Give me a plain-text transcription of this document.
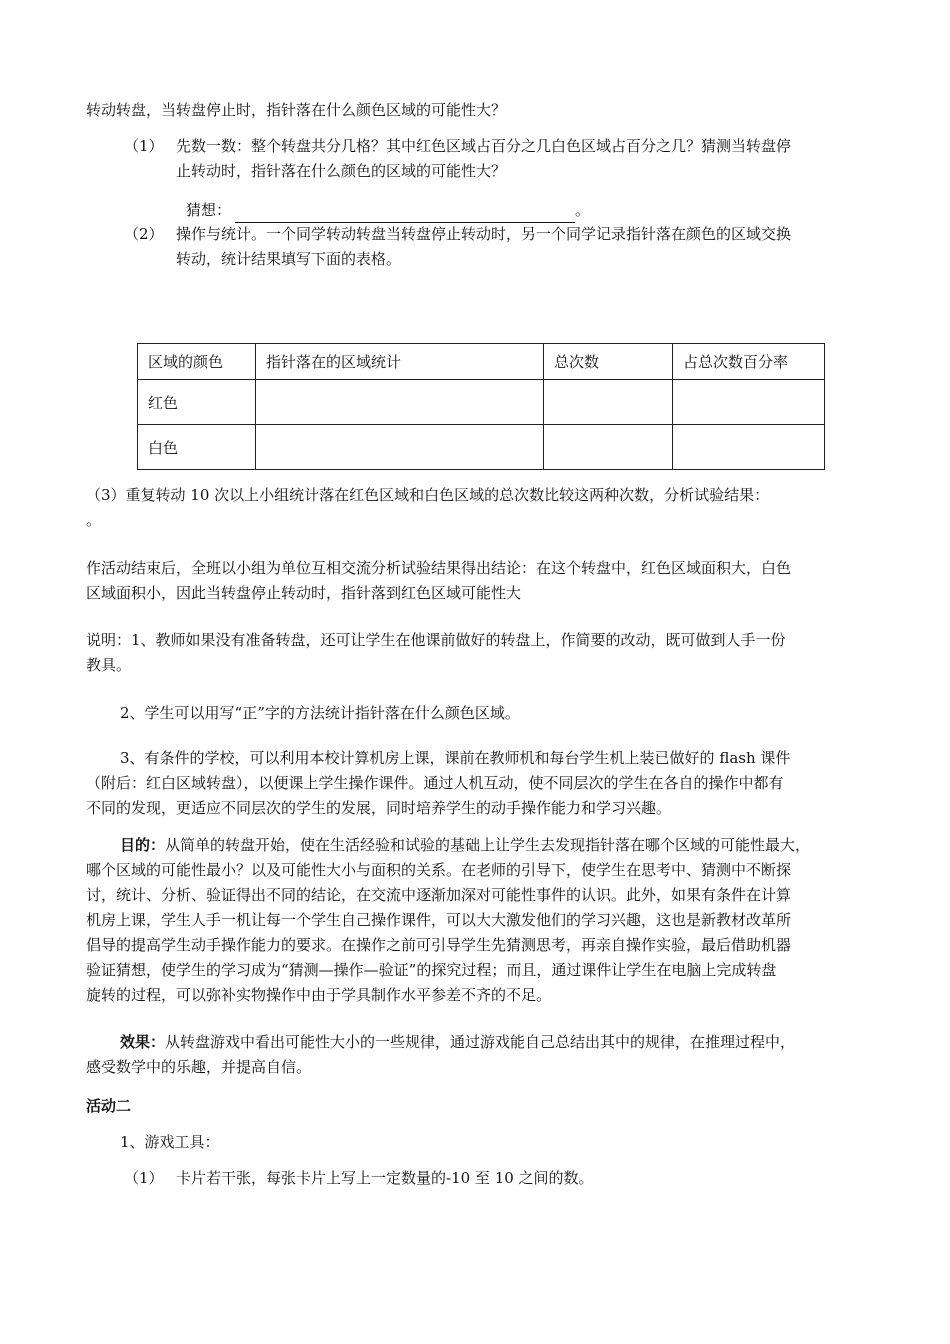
转动转盘，当转盘停止时，指针落在什么颜色区域的可能性大？
（1） 先数一数：整个转盘共分几格？其中红色区域占百分之几白色区域占百分之几？猜测当转盘停
止转动时，指针落在什么颜色的区域的可能性大？
猜想：	。
（2） 操作与统计。一个同学转动转盘当转盘停止转动时，另一个同学记录指针落在颜色的区域交换
转动，统计结果填写下面的表格。
区域的颜色	指针落在的区域统计	总次数	占总次数百分率
红色			
白色			
（3）重复转动 10 次以上小组统计落在红色区域和白色区域的总次数比较这两种次数，分析试验结果：
。
作活动结束后，全班以小组为单位互相交流分析试验结果得出结论：在这个转盘中，红色区域面积大，白色
区域面积小，因此当转盘停止转动时，指针落到红色区域可能性大
说明：1、教师如果没有准备转盘，还可让学生在他课前做好的转盘上，作简要的改动，既可做到人手一份
教具。
2、学生可以用写“正”字的方法统计指针落在什么颜色区域。
3、有条件的学校，可以利用本校计算机房上课，课前在教师机和每台学生机上装已做好的 flash 课件
（附后：红白区域转盘），以便课上学生操作课件。通过人机互动，使不同层次的学生在各自的操作中都有
不同的发现，更适应不同层次的学生的发展，同时培养学生的动手操作能力和学习兴趣。
目的：从简单的转盘开始，使在生活经验和试验的基础上让学生去发现指针落在哪个区域的可能性最大，
哪个区域的可能性最小？以及可能性大小与面积的关系。在老师的引导下，使学生在思考中、猜测中不断探
讨，统计、分析、验证得出不同的结论，在交流中逐渐加深对可能性事件的认识。此外，如果有条件在计算
机房上课，学生人手一机让每一个学生自己操作课件，可以大大激发他们的学习兴趣，这也是新教材改革所
倡导的提高学生动手操作能力的要求。在操作之前可引导学生先猜测思考，再亲自操作实验，最后借助机器
验证猜想，使学生的学习成为“猜测—操作—验证”的探究过程；而且，通过课件让学生在电脑上完成转盘
旋转的过程，可以弥补实物操作中由于学具制作水平参差不齐的不足。
效果：从转盘游戏中看出可能性大小的一些规律，通过游戏能自己总结出其中的规律，在推理过程中，
感受数学中的乐趣，并提高自信。
活动二
1、游戏工具：
（1） 卡片若干张，每张卡片上写上一定数量的-10 至 10 之间的数。
